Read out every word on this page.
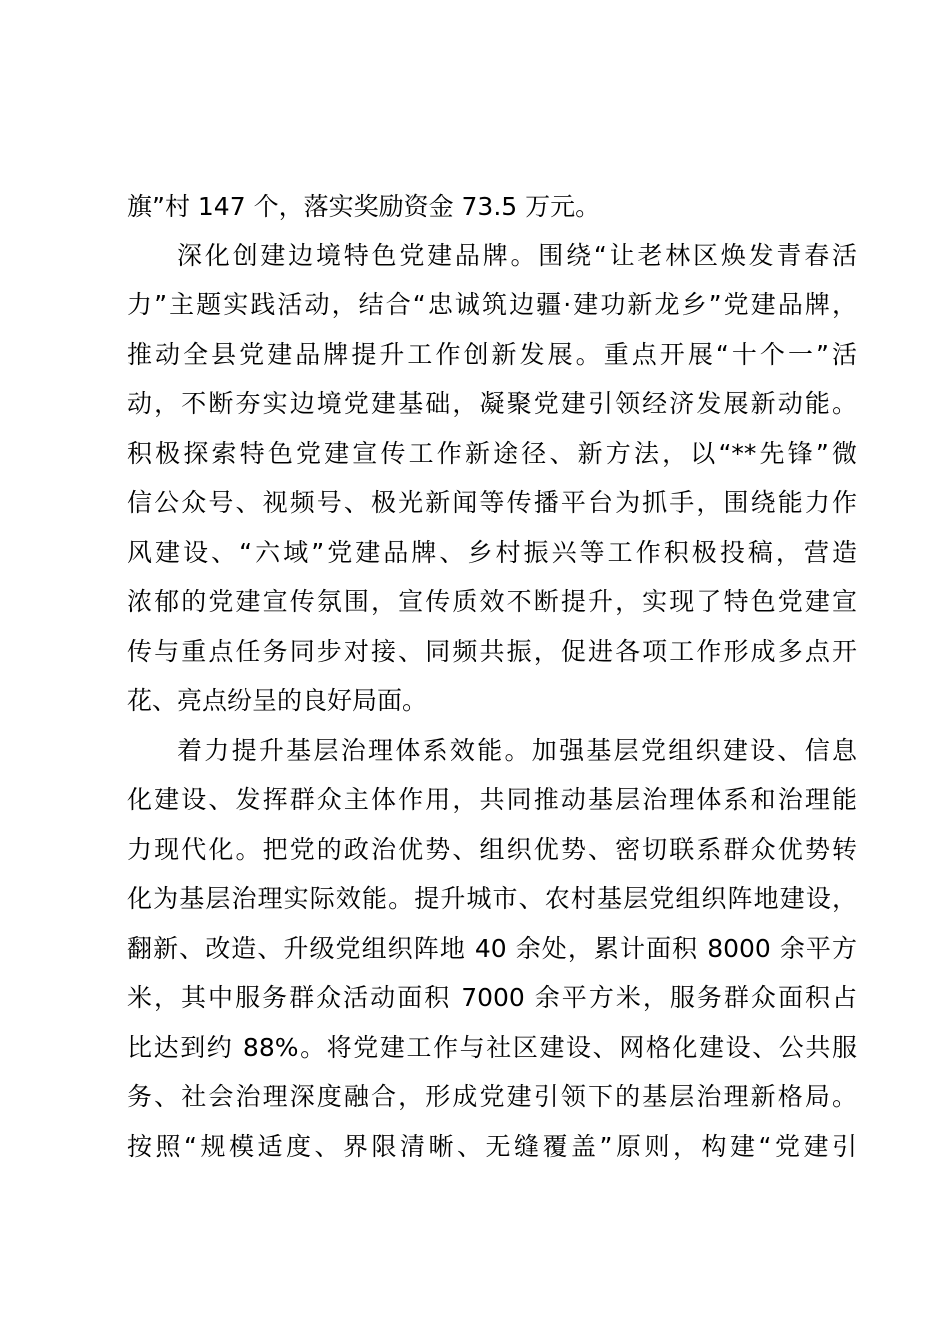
旗”村 147 个，落实奖励资金 73.5 万元。
深化创建边境特色党建品牌。围绕“让老林区焕发青春活
力”主题实践活动，结合“忠诚筑边疆·建功新龙乡”党建品牌，
推动全县党建品牌提升工作创新发展。重点开展“十个一”活
动，不断夯实边境党建基础，凝聚党建引领经济发展新动能。
积极探索特色党建宣传工作新途径、新方法，以“**先锋”微
信公众号、视频号、极光新闻等传播平台为抓手，围绕能力作
风建设、“六域”党建品牌、乡村振兴等工作积极投稿，营造
浓郁的党建宣传氛围，宣传质效不断提升，实现了特色党建宣
传与重点任务同步对接、同频共振，促进各项工作形成多点开
花、亮点纷呈的良好局面。
着力提升基层治理体系效能。加强基层党组织建设、信息
化建设、发挥群众主体作用，共同推动基层治理体系和治理能
力现代化。把党的政治优势、组织优势、密切联系群众优势转
化为基层治理实际效能。提升城市、农村基层党组织阵地建设，
翻新、改造、升级党组织阵地 40 余处，累计面积 8000 余平方
米，其中服务群众活动面积 7000 余平方米，服务群众面积占
比达到约 88%。将党建工作与社区建设、网格化建设、公共服
务、社会治理深度融合，形成党建引领下的基层治理新格局。
按照“规模适度、界限清晰、无缝覆盖”原则，构建“党建引
